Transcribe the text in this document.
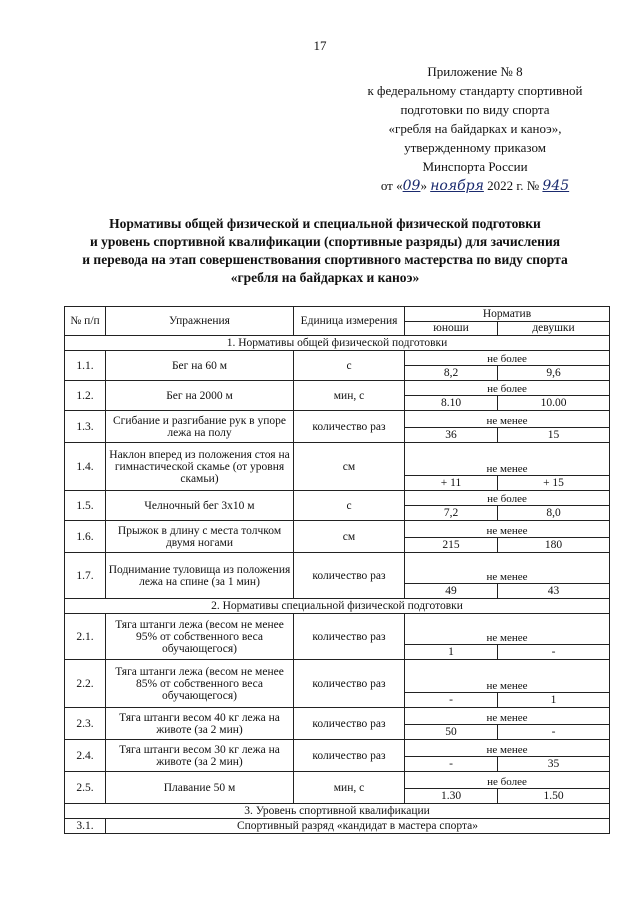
17
Приложение № 8
к федеральному стандарту спортивной
подготовки по виду спорта
«гребля на байдарках и каноэ»,
утвержденному приказом
Минспорта России
от «09» ноября 2022 г. № 945
Нормативы общей физической и специальной физической подготовки
и уровень спортивной квалификации (спортивные разряды) для зачисления
и перевода на этап совершенствования спортивного мастерства по виду спорта
«гребля на байдарках и каноэ»
№ п/п	Упражнения	Единица измерения	Норматив	
			юноши	девушки
1. Нормативы общей физической подготовки				
1.1.	Бег на 60 м	с	не более	
			8,2	9,6
1.2.	Бег на 2000 м	мин, с	не более	
			8.10	10.00
1.3.	Сгибание и разгибание рук в упоре лежа на полу	количество раз	не менее	
			36	15
1.4.	Наклон вперед из положения стоя на гимнастической скамье (от уровня скамьи)	см	не менее	
			+ 11	+ 15
1.5.	Челночный бег 3x10 м	с	не более	
			7,2	8,0
1.6.	Прыжок в длину с места толчком двумя ногами	см	не менее	
			215	180
1.7.	Поднимание туловища из положения лежа на спине (за 1 мин)	количество раз	не менее	
			49	43
2. Нормативы специальной физической подготовки				
2.1.	Тяга штанги лежа (весом не менее 95% от собственного веса обучающегося)	количество раз	не менее	
			1	-
2.2.	Тяга штанги лежа (весом не менее 85% от собственного веса обучающегося)	количество раз	не менее	
			-	1
2.3.	Тяга штанги весом 40 кг лежа на животе (за 2 мин)	количество раз	не менее	
			50	-
2.4.	Тяга штанги весом 30 кг лежа на животе (за 2 мин)	количество раз	не менее	
			-	35
2.5.	Плавание 50 м	мин, с	не более	
			1.30	1.50
3. Уровень спортивной квалификации				
3.1.	Спортивный разряд «кандидат в мастера спорта»			
